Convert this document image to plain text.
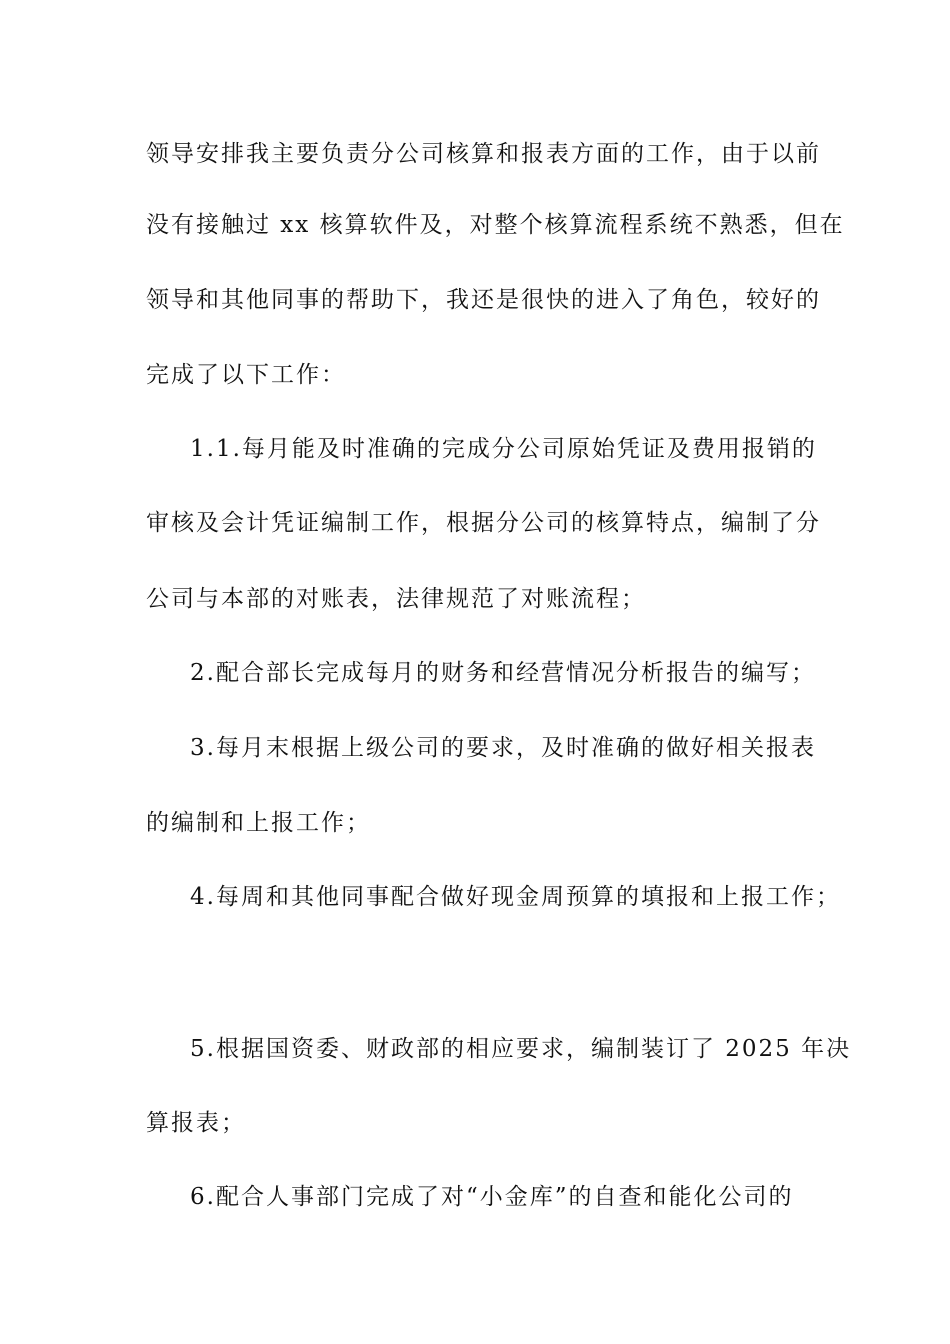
领导安排我主要负责分公司核算和报表方面的工作，由于以前
没有接触过 xx 核算软件及，对整个核算流程系统不熟悉，但在
领导和其他同事的帮助下，我还是很快的进入了角色，较好的
完成了以下工作：
1.1.每月能及时准确的完成分公司原始凭证及费用报销的
审核及会计凭证编制工作，根据分公司的核算特点，编制了分
公司与本部的对账表，法律规范了对账流程；
2.配合部长完成每月的财务和经营情况分析报告的编写；
3.每月末根据上级公司的要求，及时准确的做好相关报表
的编制和上报工作；
4.每周和其他同事配合做好现金周预算的填报和上报工作；
5.根据国资委、财政部的相应要求，编制装订了 2025 年决
算报表；
6.配合人事部门完成了对“小金库”的自查和能化公司的
